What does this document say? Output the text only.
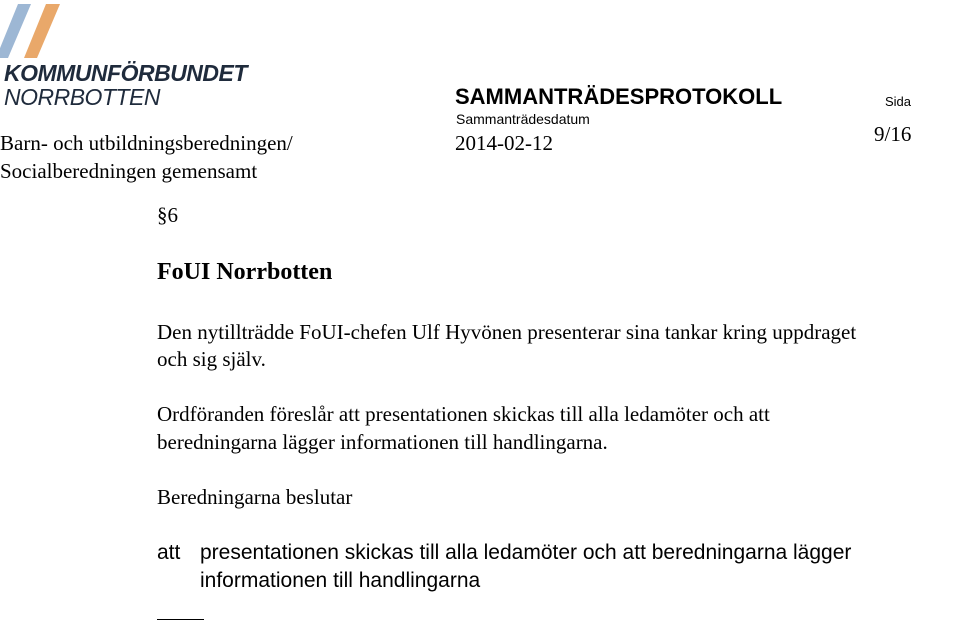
KOMMUNFÖRBUNDET
NORRBOTTEN	SAMMANTRÄDESPROTOKOLL	Sida
9/16
Sammanträdesdatum
2014-02-12
Barn- och utbildningsberedningen/
Socialberedningen gemensamt
§6
FoUI Norrbotten
Den nytillträdde FoUI-chefen Ulf Hyvönen presenterar sina tankar kring uppdraget
och sig själv.
Ordföranden föreslår att presentationen skickas till alla ledamöter och att
beredningarna lägger informationen till handlingarna.
Beredningarna beslutar
att presentationen skickas till alla ledamöter och att beredningarna lägger
informationen till handlingarna
